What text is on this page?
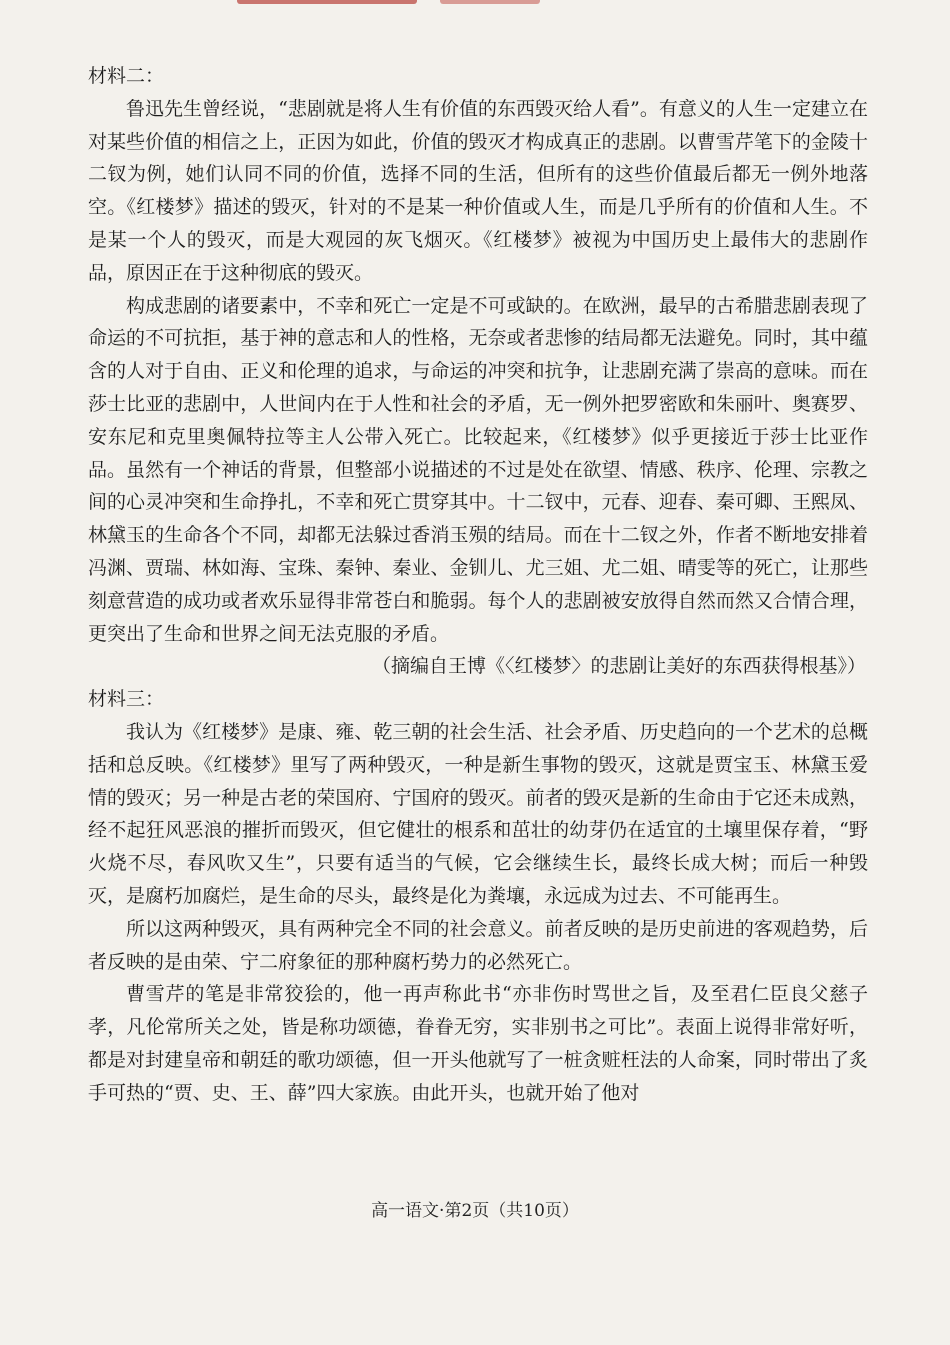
材料二：

鲁迅先生曾经说，“悲剧就是将人生有价值的东西毁灭给人看”。有意义的人生一定建立在对某些价值的相信之上，正因为如此，价值的毁灭才构成真正的悲剧。以曹雪芹笔下的金陵十二钗为例，她们认同不同的价值，选择不同的生活，但所有的这些价值最后都无一例外地落空。《红楼梦》描述的毁灭，针对的不是某一种价值或人生，而是几乎所有的价值和人生。不是某一个人的毁灭，而是大观园的灰飞烟灭。《红楼梦》被视为中国历史上最伟大的悲剧作品，原因正在于这种彻底的毁灭。

构成悲剧的诸要素中，不幸和死亡一定是不可或缺的。在欧洲，最早的古希腊悲剧表现了命运的不可抗拒，基于神的意志和人的性格，无奈或者悲惨的结局都无法避免。同时，其中蕴含的人对于自由、正义和伦理的追求，与命运的冲突和抗争，让悲剧充满了崇高的意味。而在莎士比亚的悲剧中，人世间内在于人性和社会的矛盾，无一例外把罗密欧和朱丽叶、奥赛罗、安东尼和克里奥佩特拉等主人公带入死亡。比较起来，《红楼梦》似乎更接近于莎士比亚作品。虽然有一个神话的背景，但整部小说描述的不过是处在欲望、情感、秩序、伦理、宗教之间的心灵冲突和生命挣扎，不幸和死亡贯穿其中。十二钗中，元春、迎春、秦可卿、王熙凤、林黛玉的生命各个不同，却都无法躲过香消玉殒的结局。而在十二钗之外，作者不断地安排着冯渊、贾瑞、林如海、宝珠、秦钟、秦业、金钏儿、尤三姐、尤二姐、晴雯等的死亡，让那些刻意营造的成功或者欢乐显得非常苍白和脆弱。每个人的悲剧被安放得自然而然又合情合理，更突出了生命和世界之间无法克服的矛盾。

（摘编自王博《〈红楼梦〉的悲剧让美好的东西获得根基》）

材料三：

我认为《红楼梦》是康、雍、乾三朝的社会生活、社会矛盾、历史趋向的一个艺术的总概括和总反映。《红楼梦》里写了两种毁灭，一种是新生事物的毁灭，这就是贾宝玉、林黛玉爱情的毁灭；另一种是古老的荣国府、宁国府的毁灭。前者的毁灭是新的生命由于它还未成熟，经不起狂风恶浪的摧折而毁灭，但它健壮的根系和茁壮的幼芽仍在适宜的土壤里保存着，“野火烧不尽，春风吹又生”，只要有适当的气候，它会继续生长，最终长成大树；而后一种毁灭，是腐朽加腐烂，是生命的尽头，最终是化为粪壤，永远成为过去、不可能再生。

所以这两种毁灭，具有两种完全不同的社会意义。前者反映的是历史前进的客观趋势，后者反映的是由荣、宁二府象征的那种腐朽势力的必然死亡。

曹雪芹的笔是非常狡狯的，他一再声称此书“亦非伤时骂世之旨，及至君仁臣良父慈子孝，凡伦常所关之处，皆是称功颂德，眷眷无穷，实非别书之可比”。表面上说得非常好听，都是对封建皇帝和朝廷的歌功颂德，但一开头他就写了一桩贪赃枉法的人命案，同时带出了炙手可热的“贾、史、王、薛”四大家族。由此开头，也就开始了他对

高一语文·第2页（共10页）
